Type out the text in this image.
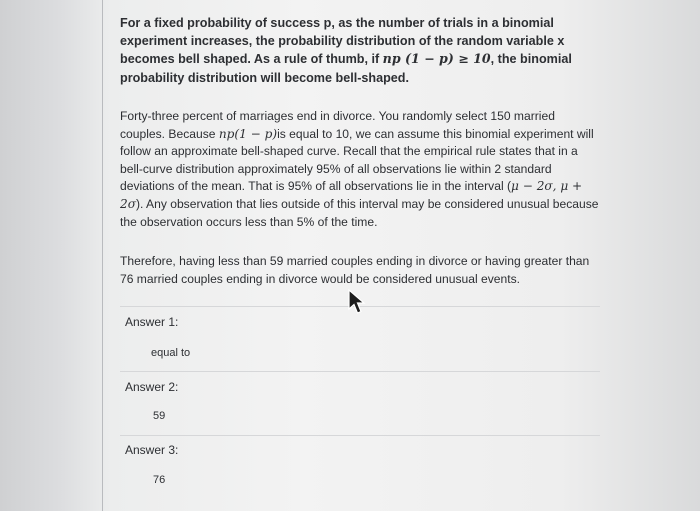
For a fixed probability of success p, as the number of trials in a binomial experiment increases, the probability distribution of the random variable x becomes bell shaped. As a rule of thumb, if np (1 − p) ≥ 10, the binomial probability distribution will become bell-shaped.
Forty-three percent of marriages end in divorce. You randomly select 150 married couples. Because np(1 − p)is equal to 10, we can assume this binomial experiment will follow an approximate bell-shaped curve. Recall that the empirical rule states that in a bell-curve distribution approximately 95% of all observations lie within 2 standard deviations of the mean. That is 95% of all observations lie in the interval (μ − 2σ, μ + 2σ). Any observation that lies outside of this interval may be considered unusual because the observation occurs less than 5% of the time.
Therefore, having less than 59 married couples ending in divorce or having greater than 76 married couples ending in divorce would be considered unusual events.
Answer 1:
equal to
Answer 2:
59
Answer 3:
76
